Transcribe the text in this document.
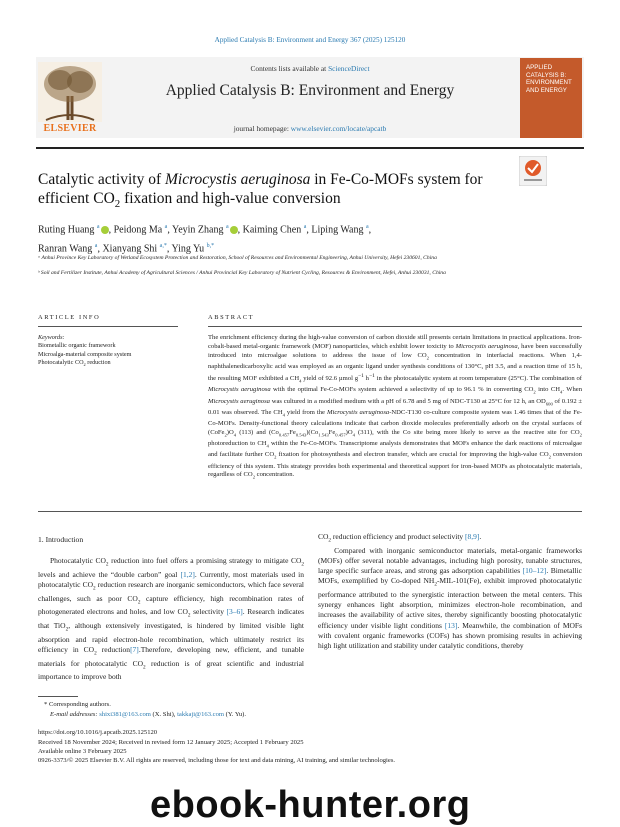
Applied Catalysis B: Environment and Energy 367 (2025) 125120
ELSEVIER
Contents lists available at ScienceDirect
Applied Catalysis B: Environment and Energy
journal homepage: www.elsevier.com/locate/apcatb
APPLIED CATALYSIS B: ENVIRONMENT AND ENERGY
Catalytic activity of Microcystis aeruginosa in Fe-Co-MOFs system for efficient $CO_2$ fixation and high-value conversion
Ruting Huang $^a$ , Peidong Ma $^a$, Yeyin Zhang $^a$ , Kaiming Chen $^a$, Liping Wang $^a$,
Ranran Wang $^a$, Xianyang Shi $^{a,*}$, Ying Yu $^{b,*}$
ᵃ Anhui Province Key Laboratory of Wetland Ecosystem Protection and Restoration, School of Resources and Environmental Engineering, Anhui University, Hefei 230601, China
ᵇ Soil and Fertilizer Institute, Anhui Academy of Agricultural Sciences / Anhui Provincial Key Laboratory of Nutrient Cycling, Resources & Environment, Hefei, Anhui 230031, China
ARTICLE INFO	ABSTRACT
Keywords:
Biometallic organic framework
Microalga-material composite system
Photocatalytic $CO_2$ reduction
The enrichment efficiency during the high-value conversion of carbon dioxide still presents certain limitations in practical applications. Iron-cobalt-based metal-organic framework (MOF) nanoparticles, which exhibit lower toxicity to Microcystis aeruginosa, have been successfully introduced into microalgae solutions to address the issue of low $CO_2$ concentration in interfacial reactions. When 1,4-naphthalenedicarboxylic acid was employed as an organic ligand under synthesis conditions of 130°C, pH 3.5, and a reaction time of 15 h, the resulting MOF exhibited a $CH_4$ yield of 92.6 µmol $g^{-1}$ $h^{-1}$ in the photocatalytic system at room temperature (25°C). The combination of Microcystis aeruginosa with the optimal Fe-Co-MOFs system achieved a selectivity of up to 96.1 % in converting $CO_2$ into $CH_4$. When Microcystis aeruginosa was cultured in a modified medium with a pH of 6.78 and 5 mg of NDC-T130 at 25°C for 12 h, an $OD_{600}$ of 0.192 ± 0.01 was observed. The $CH_4$ yield from the Microcystis aeruginosa-NDC-T130 co-culture composite system was 1.46 times that of the Fe-Co-MOFs. Density-functional theory calculations indicate that carbon dioxide molecules preferentially adsorb on the crystal surfaces of $(CoFe_2)O_4$ (113) and $(Co_{0.457}Fe_{0.543})(Co_{1.543}Fe_{0.457})O_4$ (311), with the Co site being more likely to serve as the reactive site for $CO_2$ photoreduction to $CH_4$ within the Fe-Co-MOFs. Transcriptome analysis demonstrates that MOFs enhance the dark reactions of microalgae and facilitate further $CO_2$ fixation for photosynthesis and electron transfer, which are crucial for improving the high-value $CO_2$ conversion efficiency of this system. This strategy provides both experimental and theoretical support for iron-based MOFs as photocatalytic materials, regardless of $CO_2$ concentration.
1. Introduction
Photocatalytic $CO_2$ reduction into fuel offers a promising strategy to mitigate $CO_2$ levels and achieve the “double carbon” goal [1,2]. Currently, most materials used in photocatalytic $CO_2$ reduction research are inorganic semiconductors, which face several challenges, such as poor $CO_2$ capture efficiency, high recombination rates of photogenerated electrons and holes, and low $CO_2$ selectivity [3–6]. Research indicates that TiO$_2$, although extensively investigated, is hindered by limited visible light absorption and rapid electron-hole recombination, which ultimately restrict its efficiency in $CO_2$ reduction[7].Therefore, developing new, efficient, and tunable materials for photocatalytic $CO_2$ reduction is of great scientific and industrial importance to improve both
$CO_2$ reduction efficiency and product selectivity [8,9].
Compared with inorganic semiconductor materials, metal-organic frameworks (MOFs) offer several notable advantages, including high porosity, tunable structures, large specific surface areas, and strong gas adsorption capabilities [10–12]. Bimetallic MOFs, exemplified by Co-doped $NH_2-MIL-101(Fe)$, exhibit improved photocatalytic performance attributed to the synergistic interaction between the metal centers. This synergy enhances light absorption, minimizes electron-hole recombination, and increases the availability of active sites, thereby significantly boosting photocatalytic efficiency under visible light conditions [13]. Meanwhile, the combination of MOFs with covalent organic frameworks (COFs) has shown promising results in achieving high light utilization and stability under catalytic conditions, thereby
* Corresponding authors.
E-mail addresses: shixi381@163.com (X. Shi), takkaji@163.com (Y. Yu).
https://doi.org/10.1016/j.apcatb.2025.125120
Received 18 November 2024; Received in revised form 12 January 2025; Accepted 1 February 2025
Available online 3 February 2025
0926-3373/© 2025 Elsevier B.V. All rights are reserved, including those for text and data mining, AI training, and similar technologies.
ebook-hunter.org
